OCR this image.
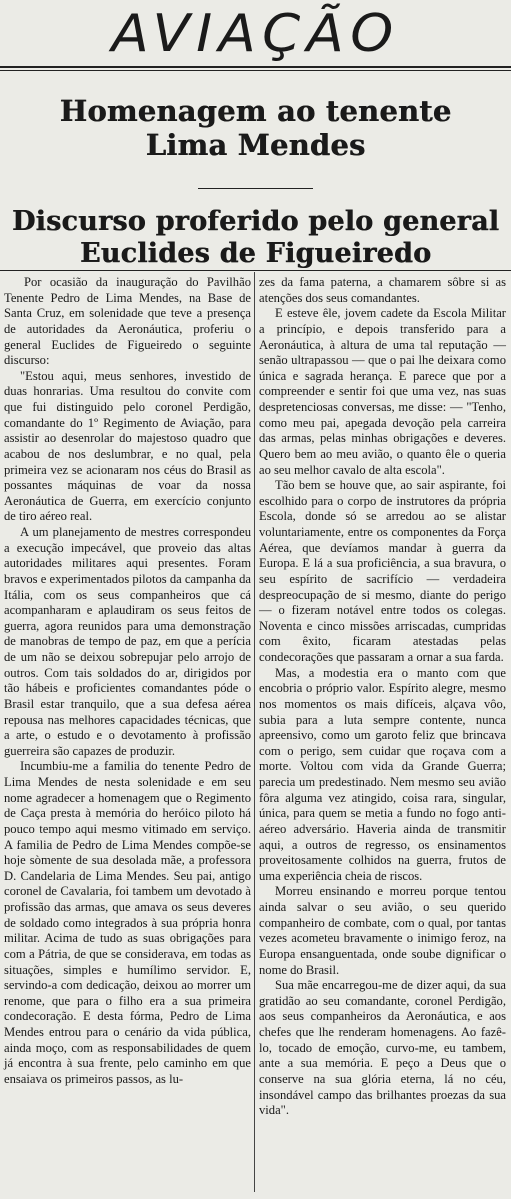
AVIAÇÃO
Homenagem ao tenente
Lima Mendes
Discurso proferido pelo general
Euclides de Figueiredo

Por ocasião da inauguração do Pavilhão Tenente Pedro de Lima Mendes, na Base de Santa Cruz, em solenidade que teve a presença de autoridades da Aeronáutica, proferiu o general Euclides de Figueiredo o seguinte discurso:

"Estou aqui, meus senhores, investido de duas honrarias. Uma resultou do convite com que fui distinguido pelo coronel Perdigão, comandante do 1º Regimento de Aviação, para assistir ao desenrolar do majestoso quadro que acabou de nos deslumbrar, e no qual, pela primeira vez se acionaram nos céus do Brasil as possantes máquinas de voar da nossa Aeronáutica de Guerra, em exercício conjunto de tiro aéreo real.

A um planejamento de mestres correspondeu a execução impecável, que proveio das altas autoridades militares aqui presentes. Foram bravos e experimentados pilotos da campanha da Itália, com os seus companheiros que cá acompanharam e aplaudiram os seus feitos de guerra, agora reunidos para uma demonstração de manobras de tempo de paz, em que a perícia de um não se deixou sobrepujar pelo arrojo de outros. Com tais soldados do ar, dirigidos por tão hábeis e proficientes comandantes póde o Brasil estar tranquilo, que a sua defesa aérea repousa nas melhores capacidades técnicas, que a arte, o estudo e o devotamento à profissão guerreira são capazes de produzir.

Incumbiu-me a familia do tenente Pedro de Lima Mendes de nesta solenidade e em seu nome agradecer a homenagem que o Regimento de Caça presta à memória do heróico piloto há pouco tempo aqui mesmo vitimado em serviço. A familia de Pedro de Lima Mendes compõe-se hoje sòmente de sua desolada mãe, a professora D. Candelaria de Lima Mendes. Seu pai, antigo coronel de Cavalaria, foi tambem um devotado à profissão das armas, que amava os seus deveres de soldado como integrados à sua própria honra militar. Acima de tudo as suas obrigações para com a Pátria, de que se considerava, em todas as situações, simples e humílimo servidor. E, servindo-a com dedicação, deixou ao morrer um renome, que para o filho era a sua primeira condecoração. E desta fórma, Pedro de Lima Mendes entrou para o cenário da vida pública, ainda moço, com as responsabilidades de quem já encontra à sua frente, pelo caminho em que ensaiava os primeiros passos, as lu-

zes da fama paterna, a chamarem sôbre si as atenções dos seus comandantes.

E esteve êle, jovem cadete da Escola Militar a princípio, e depois transferido para a Aeronáutica, à altura de uma tal reputação — senão ultrapassou — que o pai lhe deixara como única e sagrada herança. E parece que por a compreender e sentir foi que uma vez, nas suas despretenciosas conversas, me disse: — "Tenho, como meu pai, apegada devoção pela carreira das armas, pelas minhas obrigações e deveres. Quero bem ao meu avião, o quanto êle o queria ao seu melhor cavalo de alta escola".

Tão bem se houve que, ao sair aspirante, foi escolhido para o corpo de instrutores da própria Escola, donde só se arredou ao se alistar voluntariamente, entre os componentes da Força Aérea, que devíamos mandar à guerra da Europa. E lá a sua proficiência, a sua bravura, o seu espírito de sacrifício — verdadeira despreocupação de si mesmo, diante do perigo — o fizeram notável entre todos os colegas. Noventa e cinco missões arriscadas, cumpridas com êxito, ficaram atestadas pelas condecorações que passaram a ornar a sua farda.

Mas, a modestia era o manto com que encobria o próprio valor. Espírito alegre, mesmo nos momentos os mais difíceis, alçava vôo, subia para a luta sempre contente, nunca apreensivo, como um garoto feliz que brincava com o perigo, sem cuidar que roçava com a morte. Voltou com vida da Grande Guerra; parecia um predestinado. Nem mesmo seu avião fôra alguma vez atingido, coisa rara, singular, única, para quem se metia a fundo no fogo anti-aéreo adversário. Haveria ainda de transmitir aqui, a outros de regresso, os ensinamentos proveitosamente colhidos na guerra, frutos de uma experiência cheia de riscos.

Morreu ensinando e morreu porque tentou ainda salvar o seu avião, o seu querido companheiro de combate, com o qual, por tantas vezes acometeu bravamente o inimigo feroz, na Europa ensanguentada, onde soube dignificar o nome do Brasil.

Sua mãe encarregou-me de dizer aqui, da sua gratidão ao seu comandante, coronel Perdigão, aos seus companheiros da Aeronáutica, e aos chefes que lhe renderam homenagens. Ao fazê-lo, tocado de emoção, curvo-me, eu tambem, ante a sua memória. E peço a Deus que o conserve na sua glória eterna, lá no céu, insondável campo das brilhantes proezas da sua vida".
